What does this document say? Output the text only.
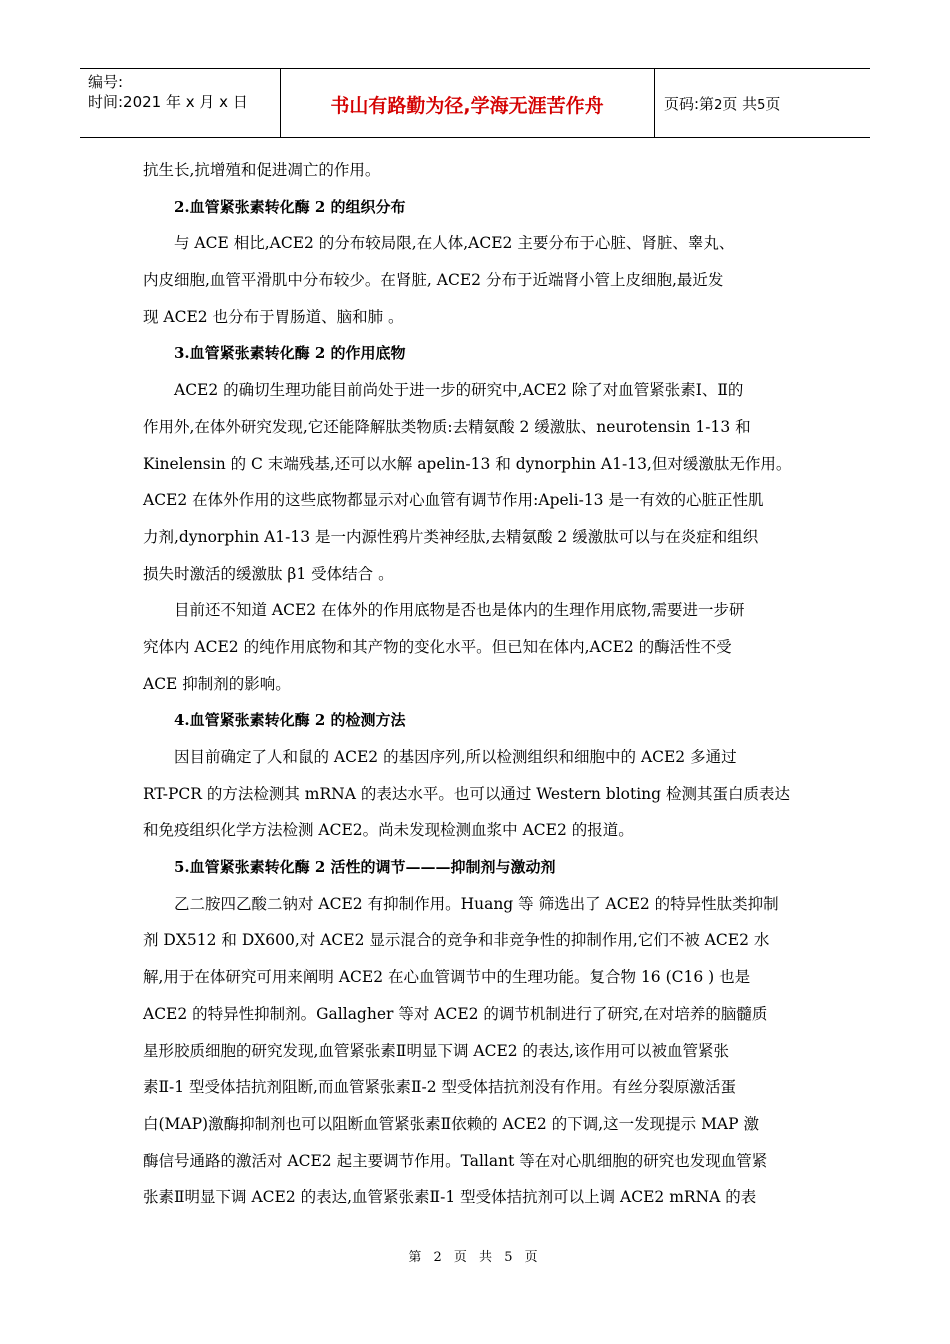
编号:
时间:2021 年 x 月 x 日	书山有路勤为径,学海无涯苦作舟	页码:第2页 共5页
抗生长,抗增殖和促进凋亡的作用。
2.血管紧张素转化酶 2 的组织分布
与 ACE 相比,ACE2 的分布较局限,在人体,ACE2 主要分布于心脏、肾脏、睾丸、
内皮细胞,血管平滑肌中分布较少。在肾脏, ACE2 分布于近端肾小管上皮细胞,最近发
现 ACE2 也分布于胃肠道、脑和肺 。
3.血管紧张素转化酶 2 的作用底物
ACE2 的确切生理功能目前尚处于进一步的研究中,ACE2 除了对血管紧张素Ⅰ、Ⅱ的
作用外,在体外研究发现,它还能降解肽类物质:去精氨酸 2 缓激肽、neurotensin 1-13 和
Kinelensin 的 C 末端残基,还可以水解 apelin-13 和 dynorphin A1-13,但对缓激肽无作用。
ACE2 在体外作用的这些底物都显示对心血管有调节作用:Apeli-13 是一有效的心脏正性肌
力剂,dynorphin A1-13 是一内源性鸦片类神经肽,去精氨酸 2 缓激肽可以与在炎症和组织
损失时激活的缓激肽 β1 受体结合 。
目前还不知道 ACE2 在体外的作用底物是否也是体内的生理作用底物,需要进一步研
究体内 ACE2 的纯作用底物和其产物的变化水平。但已知在体内,ACE2 的酶活性不受
ACE 抑制剂的影响。
4.血管紧张素转化酶 2 的检测方法
因目前确定了人和鼠的 ACE2 的基因序列,所以检测组织和细胞中的 ACE2 多通过
RT-PCR 的方法检测其 mRNA 的表达水平。也可以通过 Western bloting 检测其蛋白质表达
和免疫组织化学方法检测 ACE2。尚未发现检测血浆中 ACE2 的报道。
5.血管紧张素转化酶 2 活性的调节———抑制剂与激动剂
乙二胺四乙酸二钠对 ACE2 有抑制作用。Huang 等 筛选出了 ACE2 的特异性肽类抑制
剂 DX512 和 DX600,对 ACE2 显示混合的竞争和非竞争性的抑制作用,它们不被 ACE2 水
解,用于在体研究可用来阐明 ACE2 在心血管调节中的生理功能。复合物 16 (C16 ) 也是
ACE2 的特异性抑制剂。Gallagher 等对 ACE2 的调节机制进行了研究,在对培养的脑髓质
星形胶质细胞的研究发现,血管紧张素Ⅱ明显下调 ACE2 的表达,该作用可以被血管紧张
素Ⅱ-1 型受体拮抗剂阻断,而血管紧张素Ⅱ-2 型受体拮抗剂没有作用。有丝分裂原激活蛋
白(MAP)激酶抑制剂也可以阻断血管紧张素Ⅱ依赖的 ACE2 的下调,这一发现提示 MAP 激
酶信号通路的激活对 ACE2 起主要调节作用。Tallant 等在对心肌细胞的研究也发现血管紧
张素Ⅱ明显下调 ACE2 的表达,血管紧张素Ⅱ-1 型受体拮抗剂可以上调 ACE2 mRNA 的表
第 2 页 共 5 页
